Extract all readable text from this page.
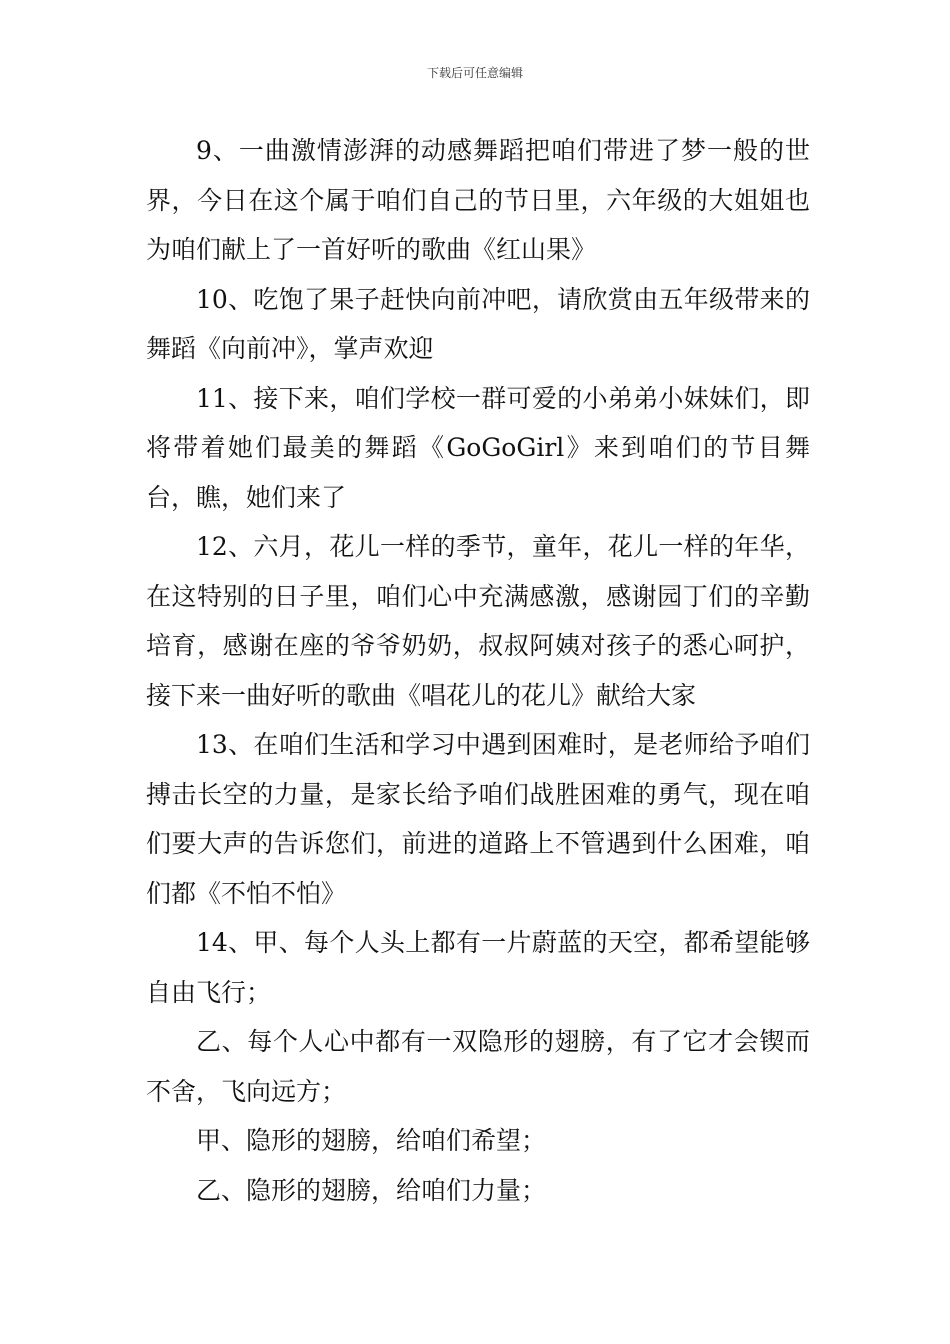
下载后可任意编辑

9、一曲激情澎湃的动感舞蹈把咱们带进了梦一般的世界，今日在这个属于咱们自己的节日里，六年级的大姐姐也为咱们献上了一首好听的歌曲《红山果》

10、吃饱了果子赶快向前冲吧，请欣赏由五年级带来的舞蹈《向前冲》，掌声欢迎

11、接下来，咱们学校一群可爱的小弟弟小妹妹们，即将带着她们最美的舞蹈《GoGoGirl》来到咱们的节目舞台，瞧，她们来了

12、六月，花儿一样的季节，童年，花儿一样的年华，在这特别的日子里，咱们心中充满感激，感谢园丁们的辛勤培育，感谢在座的爷爷奶奶，叔叔阿姨对孩子的悉心呵护，接下来一曲好听的歌曲《唱花儿的花儿》献给大家

13、在咱们生活和学习中遇到困难时，是老师给予咱们搏击长空的力量，是家长给予咱们战胜困难的勇气，现在咱们要大声的告诉您们，前进的道路上不管遇到什么困难，咱们都《不怕不怕》

14、甲、每个人头上都有一片蔚蓝的天空，都希望能够自由飞行；

乙、每个人心中都有一双隐形的翅膀，有了它才会锲而不舍，飞向远方；

甲、隐形的翅膀，给咱们希望；

乙、隐形的翅膀，给咱们力量；
